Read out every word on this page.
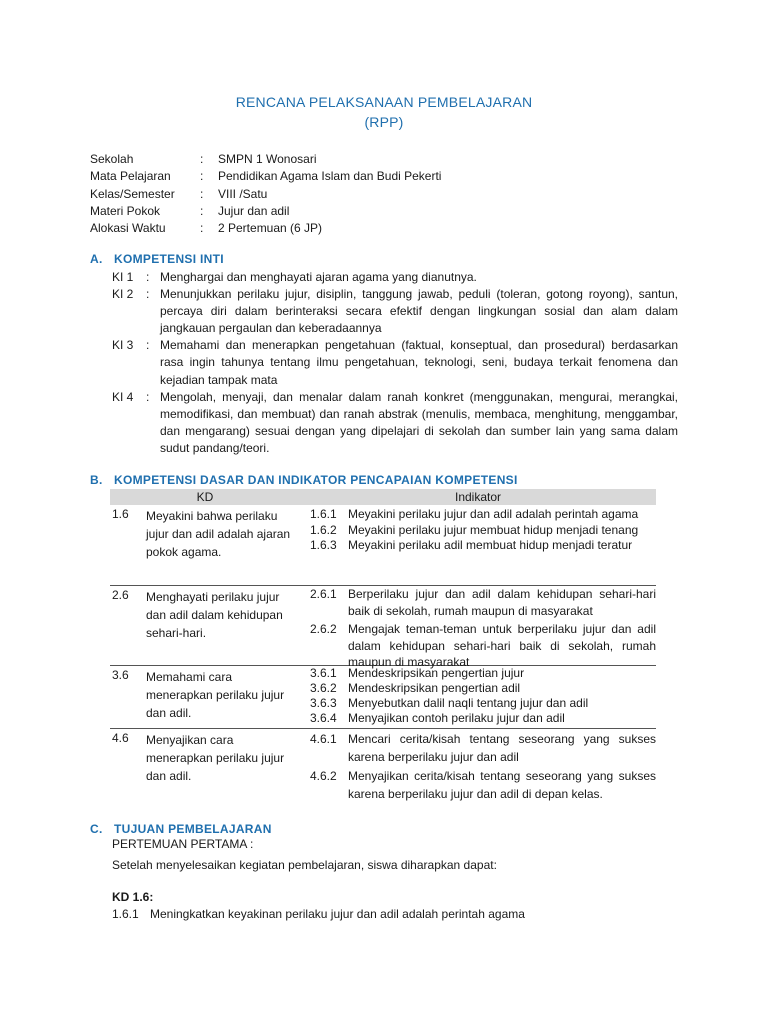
RENCANA PELAKSANAAN PEMBELAJARAN
(RPP)
Sekolah	:	SMPN 1 Wonosari
Mata Pelajaran	:	Pendidikan Agama Islam dan Budi Pekerti
Kelas/Semester	:	VIII /Satu
Materi Pokok	:	Jujur dan adil
Alokasi Waktu	:	2 Pertemuan (6 JP)
A. KOMPETENSI INTI
KI 1	: Menghargai dan menghayati ajaran agama yang dianutnya.
KI 2	: Menunjukkan perilaku jujur, disiplin, tanggung jawab, peduli (toleran, gotong royong), santun, percaya diri dalam berinteraksi secara efektif dengan lingkungan sosial dan alam dalam jangkauan pergaulan dan keberadaannya
KI 3	: Memahami dan menerapkan pengetahuan (faktual, konseptual, dan prosedural) berdasarkan rasa ingin tahunya tentang ilmu pengetahuan, teknologi, seni, budaya terkait fenomena dan kejadian tampak mata
KI 4	: Mengolah, menyaji, dan menalar dalam ranah konkret (menggunakan, mengurai, merangkai, memodifikasi, dan membuat) dan ranah abstrak (menulis, membaca, menghitung, menggambar, dan mengarang) sesuai dengan yang dipelajari di sekolah dan sumber lain yang sama dalam sudut pandang/teori.
B. KOMPETENSI DASAR DAN INDIKATOR PENCAPAIAN KOMPETENSI
KD	Indikator
1.6	Meyakini bahwa perilaku jujur dan adil adalah ajaran pokok agama.
1.6.1 Meyakini perilaku jujur dan adil adalah perintah agama
1.6.2 Meyakini perilaku jujur membuat hidup menjadi tenang
1.6.3 Meyakini perilaku adil membuat hidup menjadi teratur
2.6	Menghayati perilaku jujur dan adil dalam kehidupan sehari-hari.
2.6.1 Berperilaku jujur dan adil dalam kehidupan sehari-hari baik di sekolah, rumah maupun di masyarakat
2.6.2 Mengajak teman-teman untuk berperilaku jujur dan adil dalam kehidupan sehari-hari baik di sekolah, rumah maupun di masyarakat
3.6	Memahami cara menerapkan perilaku jujur dan adil.
3.6.1 Mendeskripsikan pengertian jujur
3.6.2 Mendeskripsikan pengertian adil
3.6.3 Menyebutkan dalil naqli tentang jujur dan adil
3.6.4 Menyajikan contoh perilaku jujur dan adil
4.6	Menyajikan cara menerapkan perilaku jujur dan adil.
4.6.1 Mencari cerita/kisah tentang seseorang yang sukses karena berperilaku jujur dan adil
4.6.2 Menyajikan cerita/kisah tentang seseorang yang sukses karena berperilaku jujur dan adil di depan kelas.
C. TUJUAN PEMBELAJARAN
PERTEMUAN PERTAMA :
Setelah menyelesaikan kegiatan pembelajaran, siswa diharapkan dapat:
KD 1.6:
1.6.1 Meningkatkan keyakinan perilaku jujur dan adil adalah perintah agama
